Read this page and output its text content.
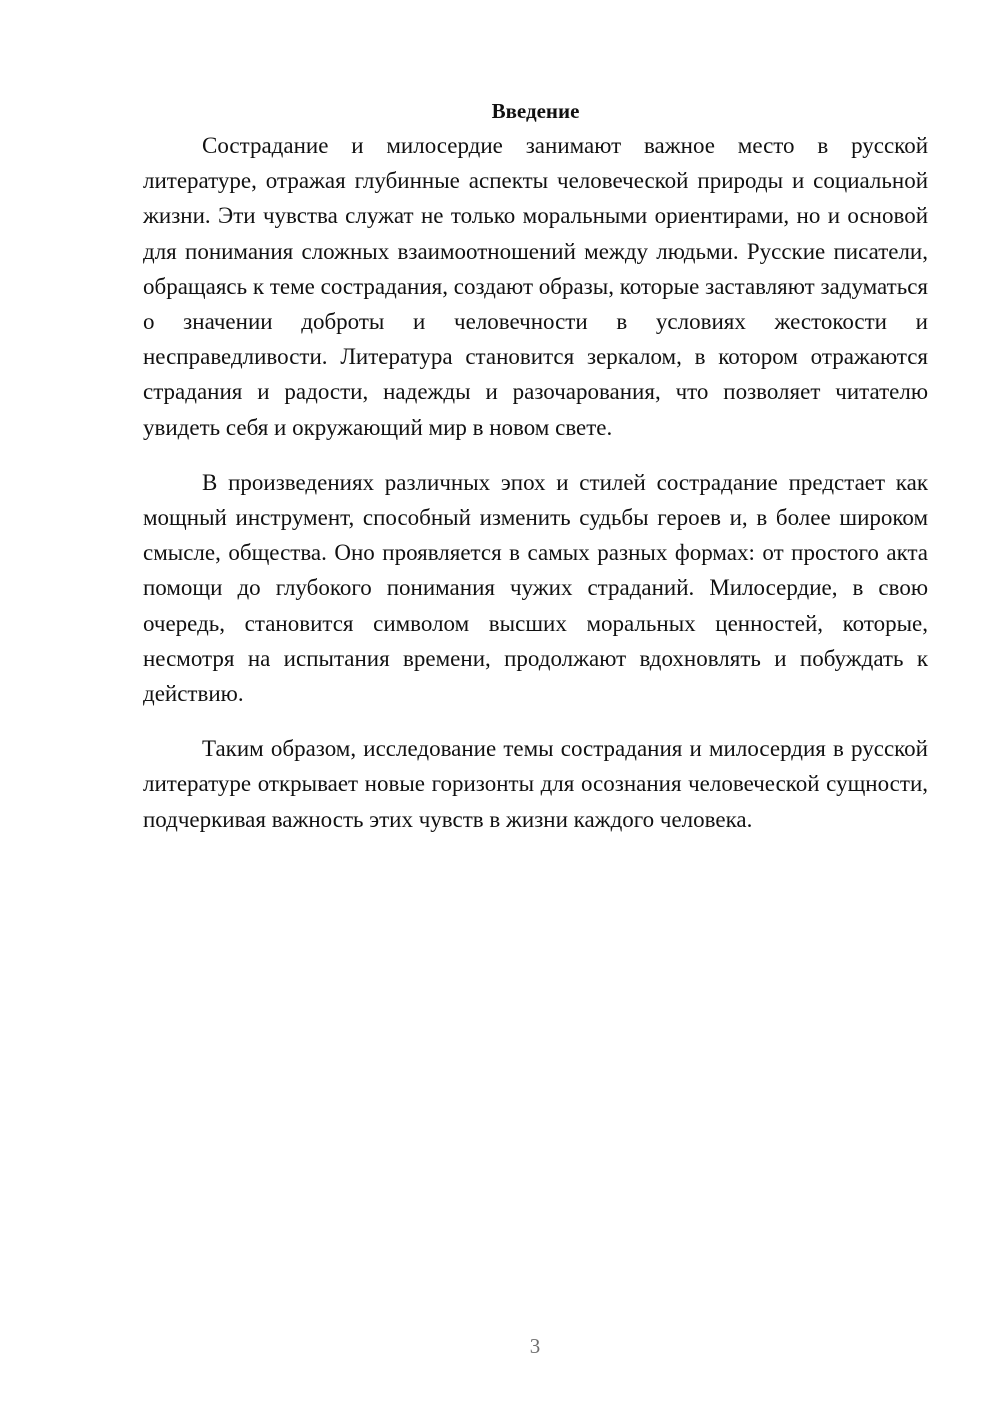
Введение

Сострадание и милосердие занимают важное место в русской литературе, отражая глубинные аспекты человеческой природы и социальной жизни. Эти чувства служат не только моральными ориентирами, но и основой для понимания сложных взаимоотношений между людьми. Русские писатели, обращаясь к теме сострадания, создают образы, которые заставляют задуматься о значении доброты и человечности в условиях жестокости и несправедливости. Литература становится зеркалом, в котором отражаются страдания и радости, надежды и разочарования, что позволяет читателю увидеть себя и окружающий мир в новом свете.

В произведениях различных эпох и стилей сострадание предстает как мощный инструмент, способный изменить судьбы героев и, в более широком смысле, общества. Оно проявляется в самых разных формах: от простого акта помощи до глубокого понимания чужих страданий. Милосердие, в свою очередь, становится символом высших моральных ценностей, которые, несмотря на испытания времени, продолжают вдохновлять и побуждать к действию.

Таким образом, исследование темы сострадания и милосердия в русской литературе открывает новые горизонты для осознания человеческой сущности, подчеркивая важность этих чувств в жизни каждого человека.

3
